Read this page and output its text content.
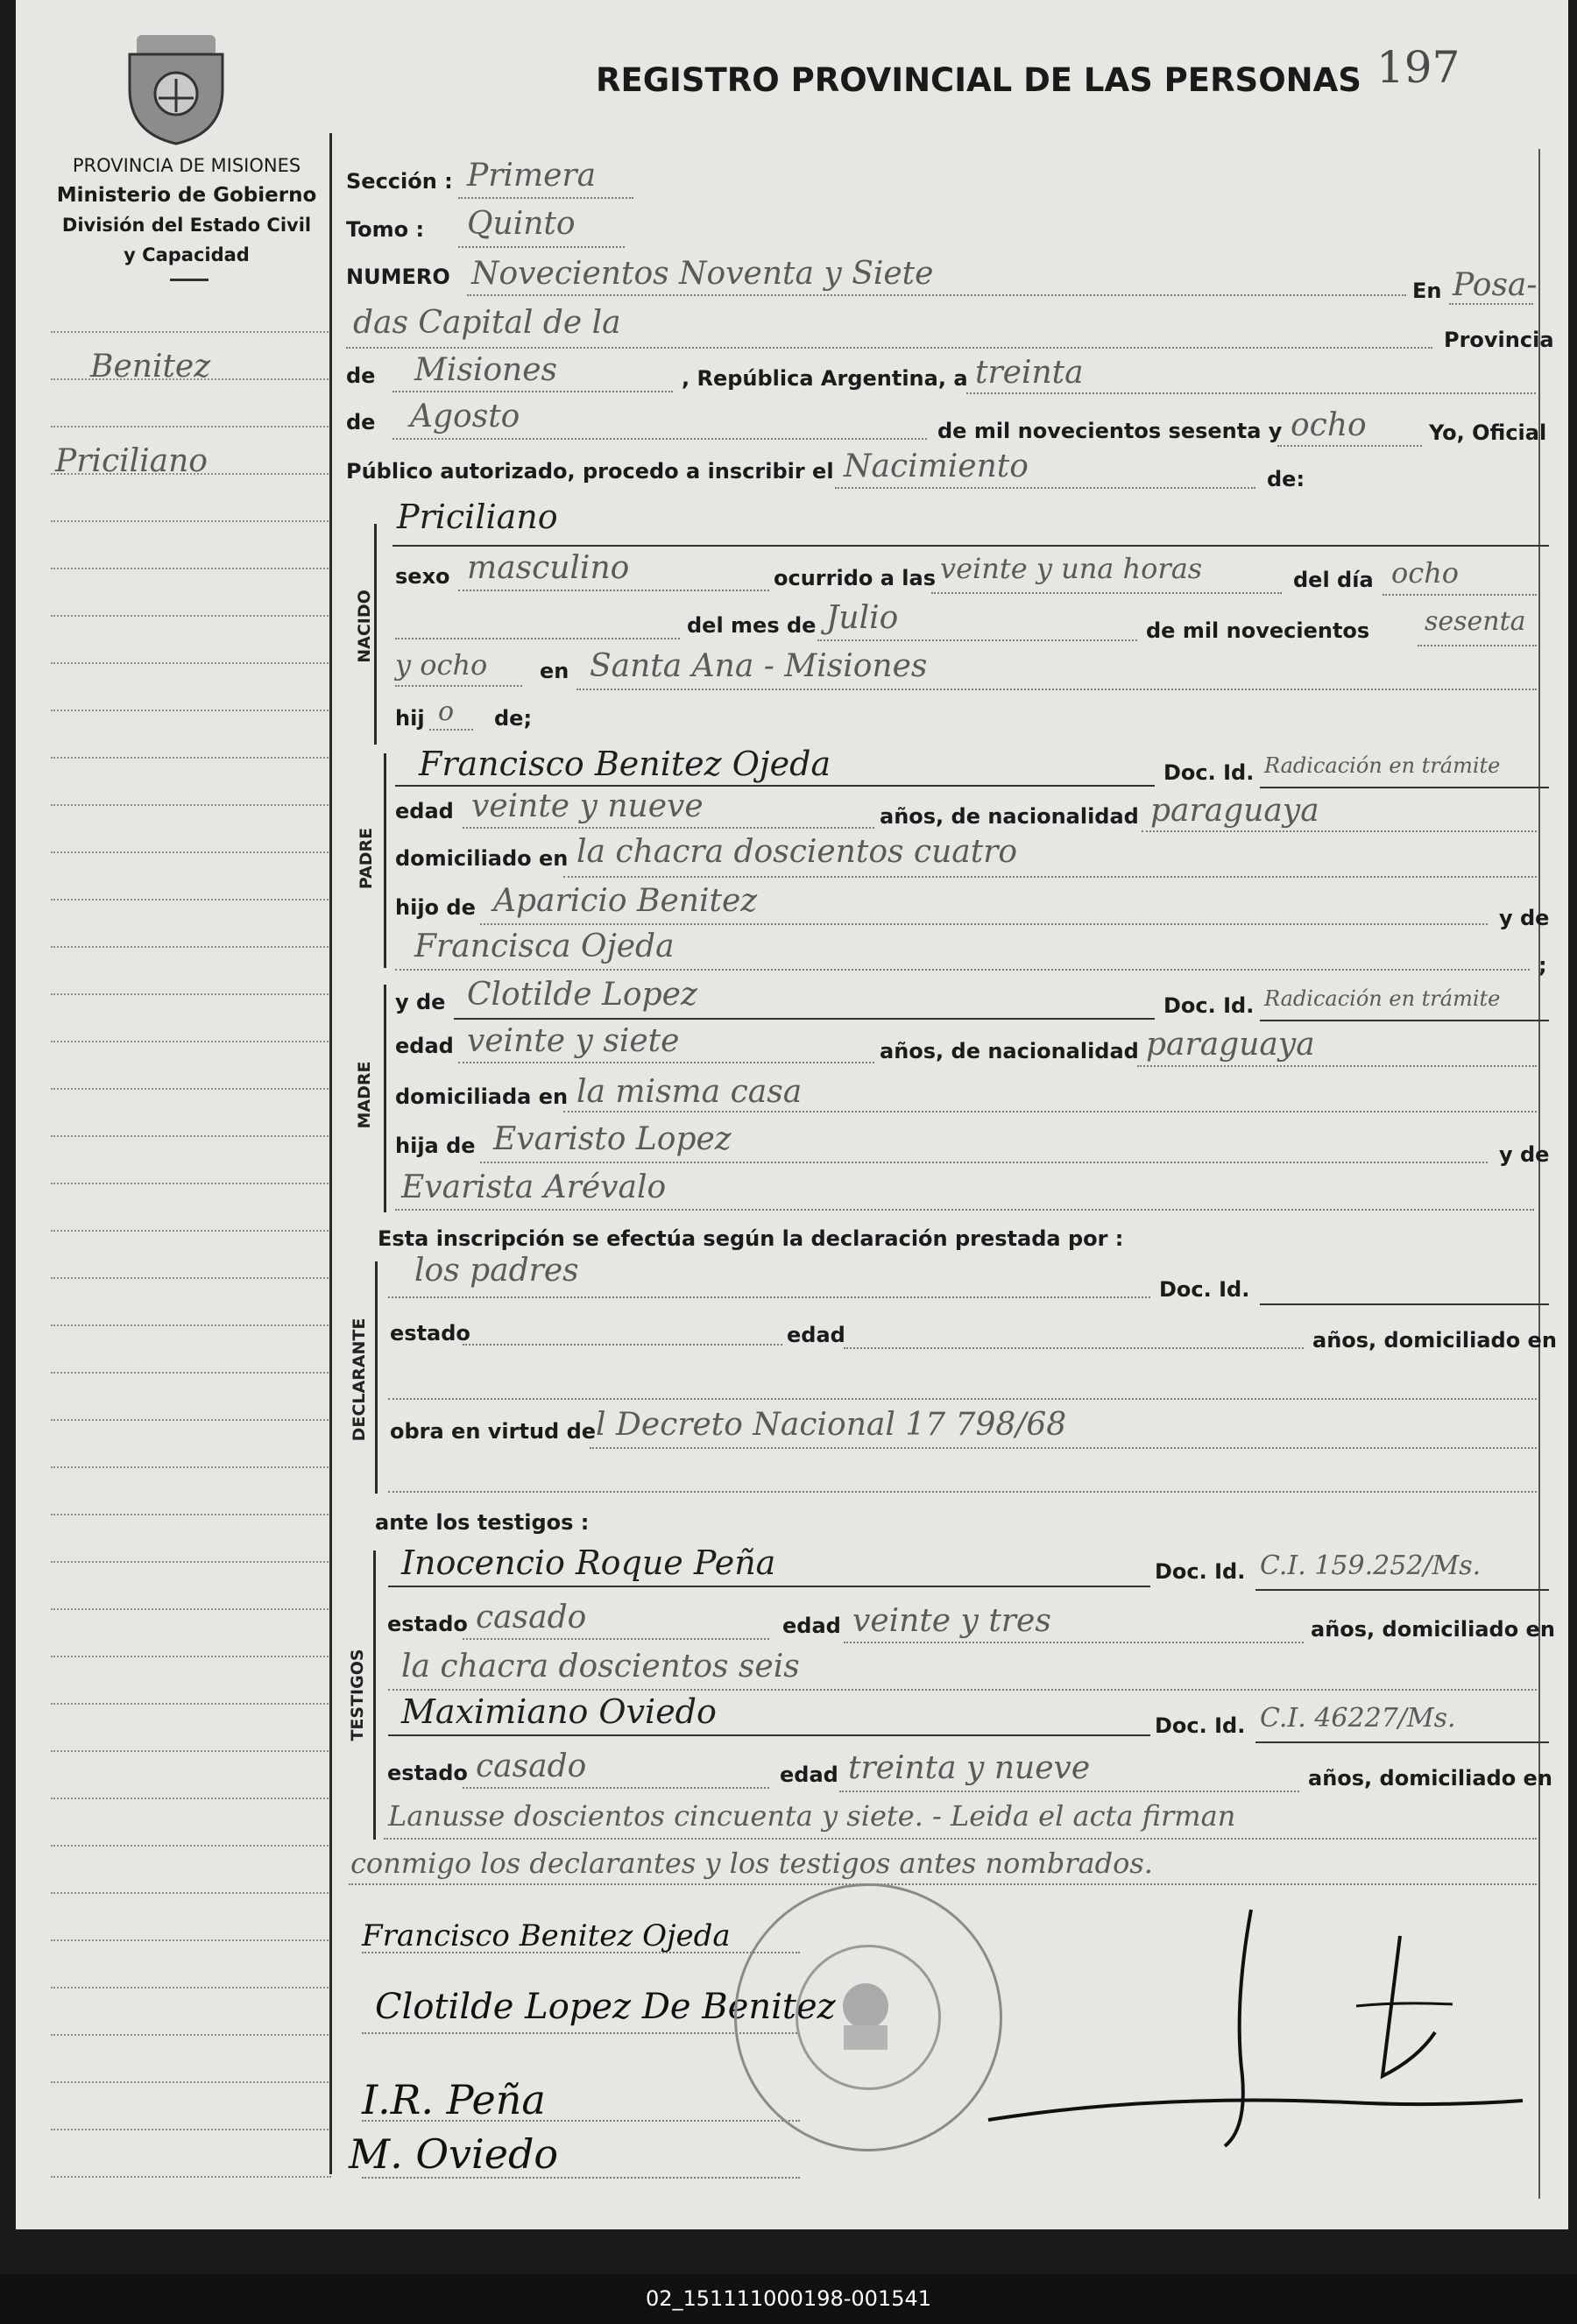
PROVINCIA DE MISIONES
Ministerio de Gobierno
División del Estado Civil
y Capacidad
Benitez
Priciliano
REGISTRO PROVINCIAL DE LAS PERSONAS 197
Sección : Primera
Tomo : Quinto
NUMERO Novecientos Noventa y Siete	En Posa-
das Capital de la	Provincia
de Misiones	, República Argentina, a treinta
de Agosto	de mil novecientos sesenta y ocho	Yo, Oficial
Público autorizado, procedo a inscribir el Nacimiento	de:
NACIDO
Priciliano
sexo masculino	ocurrido a las veinte y una horas	del día ocho
del mes de Julio	de mil novecientos sesenta
y ocho en Santa Ana - Misiones
hij o de;
PADRE
Francisco Benitez Ojeda	Doc. Id. Radicación en trámite
edad veinte y nueve	años, de nacionalidad paraguaya
domiciliado en la chacra doscientos cuatro
hijo de Aparicio Benitez	y de
Francisca Ojeda
;
MADRE
y de Clotilde Lopez	Doc. Id. Radicación en trámite
edad veinte y siete	años, de nacionalidad paraguaya
domiciliada en la misma casa
hija de Evaristo Lopez	y de
Evarista Arévalo
Esta inscripción se efectúa según la declaración prestada por :
DECLARANTE
los padres
Doc. Id.
estado	edad	años, domiciliado en
obra en virtud de l Decreto Nacional 17 798/68
ante los testigos :
TESTIGOS
Inocencio Roque Peña	Doc. Id. C.I. 159.252/Ms.
estado casado	edad veinte y tres	años, domiciliado en
la chacra doscientos seis
Maximiano Oviedo	Doc. Id. C.I. 46227/Ms.
estado casado	edad treinta y nueve	años, domiciliado en
Lanusse doscientos cincuenta y siete. - Leida el acta firman
conmigo los declarantes y los testigos antes nombrados.
Francisco Benitez Ojeda
Clotilde Lopez De Benitez
I.R. Peña
M. Oviedo
02_151111000198-001541
